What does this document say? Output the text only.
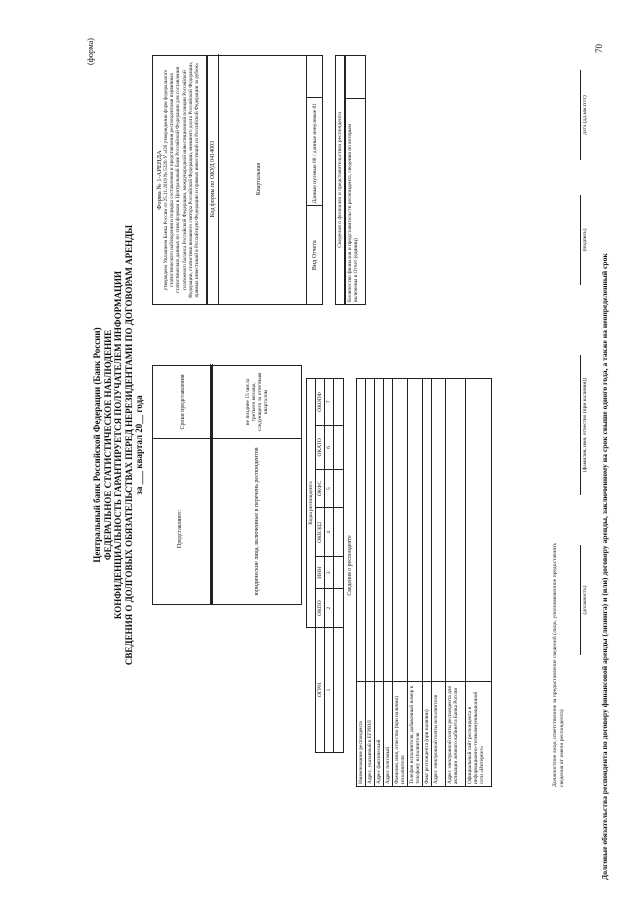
70
(форма)
Центральный банк Российской Федерации (Банк России) ФЕДЕРАЛЬНОЕ СТАТИСТИЧЕСКОЕ НАБЛЮДЕНИЕ КОНФИДЕНЦИАЛЬНОСТЬ ГАРАНТИРУЕТСЯ ПОЛУЧАТЕЛЕМ ИНФОРМАЦИИ СВЕДЕНИЯ О ДОЛГОВЫХ ОБЯЗАТЕЛЬСТВАХ ПЕРЕД НЕРЕЗИДЕНТАМИ ПО ДОГОВОРАМ АРЕНДЫ за ___ квартал 20__ года
Представляют:
	Сроки представления
юридические лица, включенные в перечень респондентов	не позднее 15 числа третьего месяца, следующего за отчетным кварталом
Форма № 1-АРЕНДА утверждена Указанием Банка России от 25.11.2019 № 5328-У «Об утверждении форм федерального статистического наблюдения и порядка составления и представления респондентами первичных статистических данных по этим формам в Центральный банк Российской Федерации для составления платежного баланса Российской Федерации, международной инвестиционной позиции Российской Федерации, статистики внешнего сектора Российской Федерации, внешнего долга Российской Федерации, прямых инвестиций в Российскую Федерацию и прямых инвестиций из Российской Федерации за рубеж» Код формы по ОКУД 0414003	Квартальная
Вид Отчета	Данные нулевые 00 / данные ненулевые 01		Сведения о филиалах и представительствах респондента Количество филиалов и представительств респондента, сведения по которым включены в Отчет (единиц)	
	Коды респондента					
ОГРН	ОКПО	ИНН	ОКВЭД2	ОКФС	ОКАТО	ОКОПФ
1	2	3	4	5	6	7

Сведения о респонденте
Наименование респондента	
Адрес, указанный в ЕГРЮЛ	
Адрес фактический	
Адрес почтовый	
Фамилия, имя, отчество (при наличии) исполнителя	
Телефон исполнителя, добавочный номер к телефону исполнителя	
Факс респондента (при наличии)	
Адрес электронной почты исполнителя	
Адрес электронной почты респондента для активации личного кабинета Банка России	
Официальный сайт респондента в информационно-телекоммуникационной сети «Интернет»		Должностное лицо, ответственное за предоставление сведений (лицо, уполномоченное предоставлять сведения от имени респондента)
(должность)
(фамилия, имя, отчество (при наличии))
(подпись)
дата (дд.мм.гггг)
Долговые обязательства респондента по договору финансовой аренды (лизинга) и (или) договору аренды, заключенному на срок свыше одного года, а также на неопределенный срок
